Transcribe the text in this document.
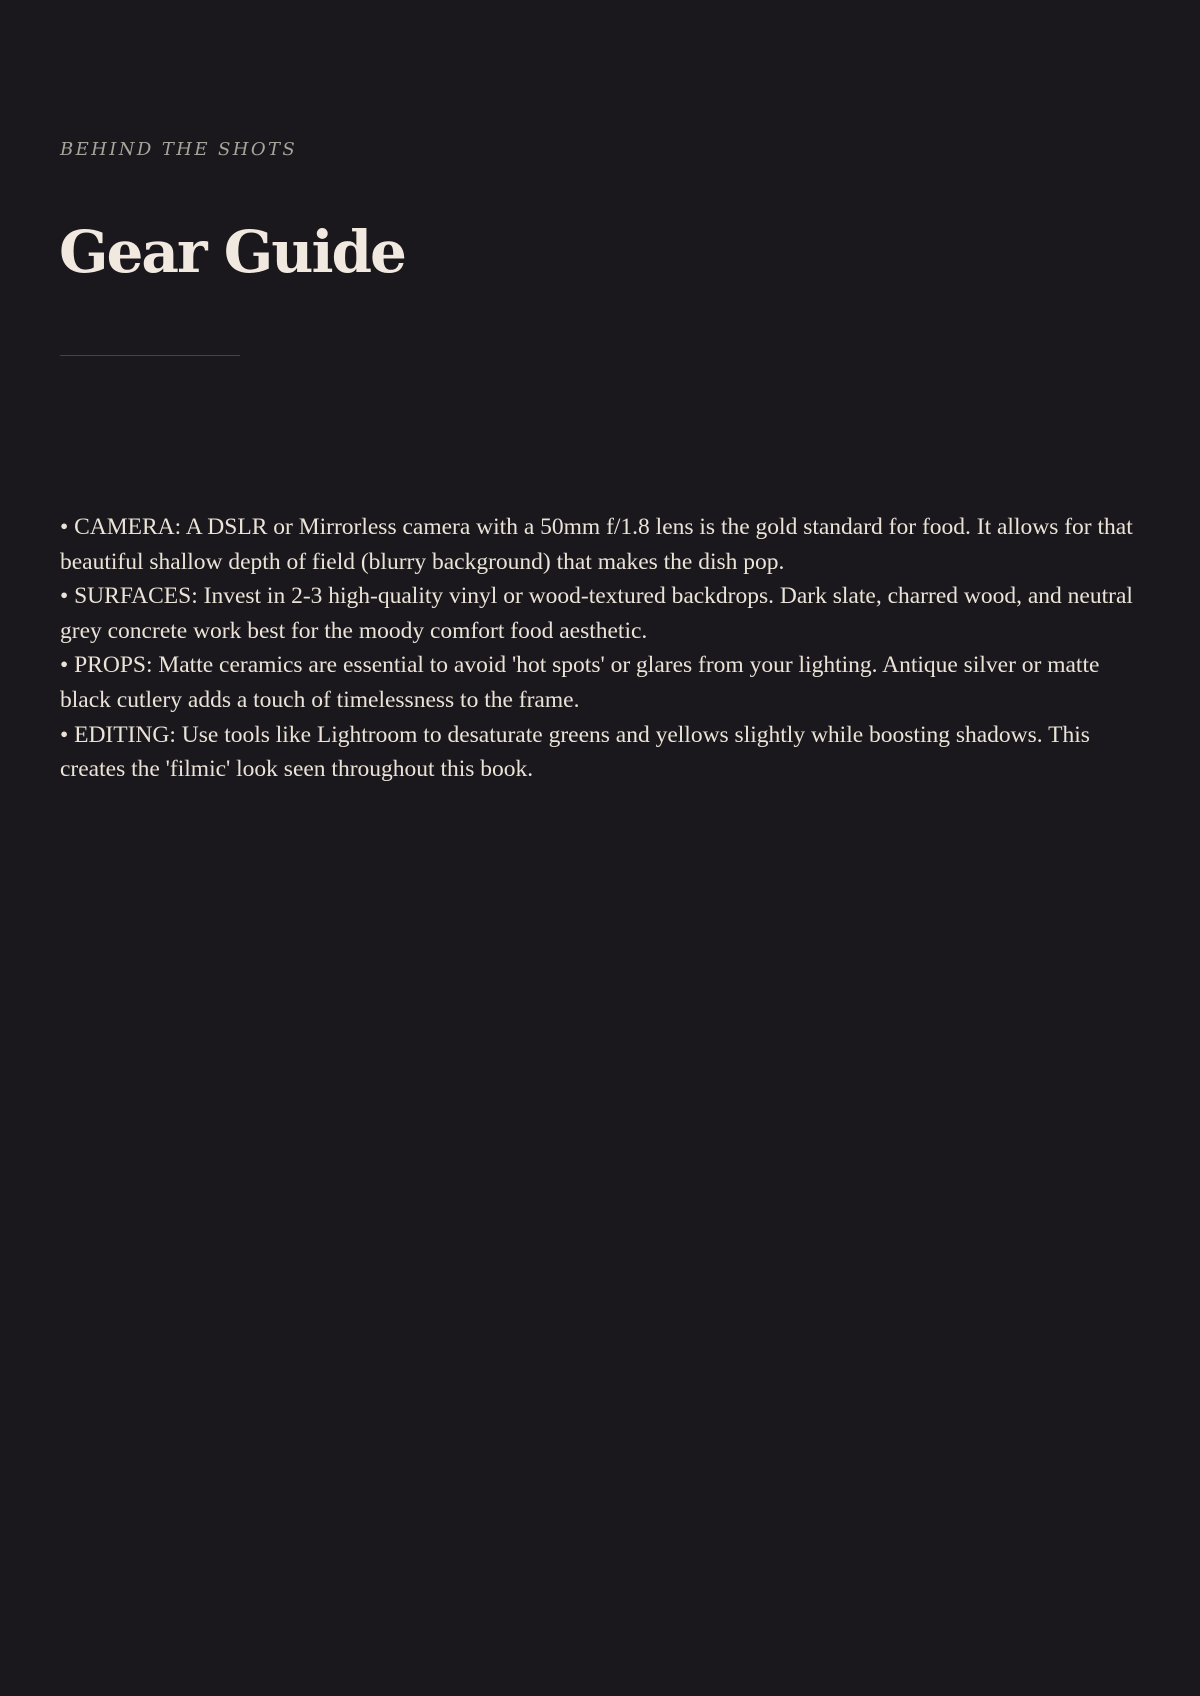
BEHIND THE SHOTS

Gear Guide

• CAMERA: A DSLR or Mirrorless camera with a 50mm f/1.8 lens is the gold standard for food. It allows for that beautiful shallow depth of field (blurry background) that makes the dish pop.

• SURFACES: Invest in 2-3 high-quality vinyl or wood-textured backdrops. Dark slate, charred wood, and neutral grey concrete work best for the moody comfort food aesthetic.

• PROPS: Matte ceramics are essential to avoid 'hot spots' or glares from your lighting. Antique silver or matte black cutlery adds a touch of timelessness to the frame.

• EDITING: Use tools like Lightroom to desaturate greens and yellows slightly while boosting shadows. This creates the 'filmic' look seen throughout this book.
